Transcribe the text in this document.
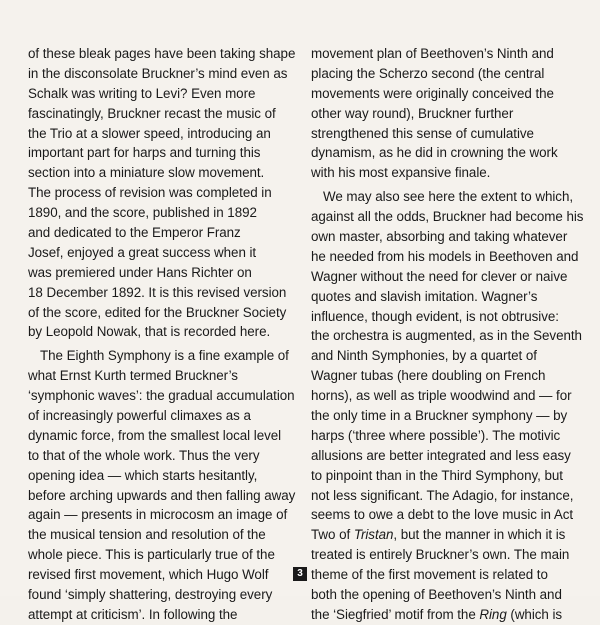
of these bleak pages have been taking shape
in the disconsolate Bruckner’s mind even as
Schalk was writing to Levi? Even more
fascinatingly, Bruckner recast the music of
the Trio at a slower speed, introducing an
important part for harps and turning this
section into a miniature slow movement.
The process of revision was completed in
1890, and the score, published in 1892
and dedicated to the Emperor Franz
Josef, enjoyed a great success when it
was premiered under Hans Richter on
18 December 1892. It is this revised version
of the score, edited for the Bruckner Society
by Leopold Nowak, that is recorded here.
The Eighth Symphony is a fine example of
what Ernst Kurth termed Bruckner’s
‘symphonic waves’: the gradual accumulation
of increasingly powerful climaxes as a
dynamic force, from the smallest local level
to that of the whole work. Thus the very
opening idea — which starts hesitantly,
before arching upwards and then falling away
again — presents in microcosm an image of
the musical tension and resolution of the
whole piece. This is particularly true of the
revised first movement, which Hugo Wolf
found ‘simply shattering, destroying every
attempt at criticism’. In following the
movement plan of Beethoven’s Ninth and
placing the Scherzo second (the central
movements were originally conceived the
other way round), Bruckner further
strengthened this sense of cumulative
dynamism, as he did in crowning the work
with his most expansive finale.
We may also see here the extent to which,
against all the odds, Bruckner had become his
own master, absorbing and taking whatever
he needed from his models in Beethoven and
Wagner without the need for clever or naive
quotes and slavish imitation. Wagner’s
influence, though evident, is not obtrusive:
the orchestra is augmented, as in the Seventh
and Ninth Symphonies, by a quartet of
Wagner tubas (here doubling on French
horns), as well as triple woodwind and — for
the only time in a Bruckner symphony — by
harps (‘three where possible’). The motivic
allusions are better integrated and less easy
to pinpoint than in the Third Symphony, but
not less significant. The Adagio, for instance,
seems to owe a debt to the love music in Act
Two of Tristan, but the manner in which it is
treated is entirely Bruckner’s own. The main
theme of the first movement is related to
both the opening of Beethoven’s Ninth and
the ‘Siegfried’ motif from the Ring (which is
3
